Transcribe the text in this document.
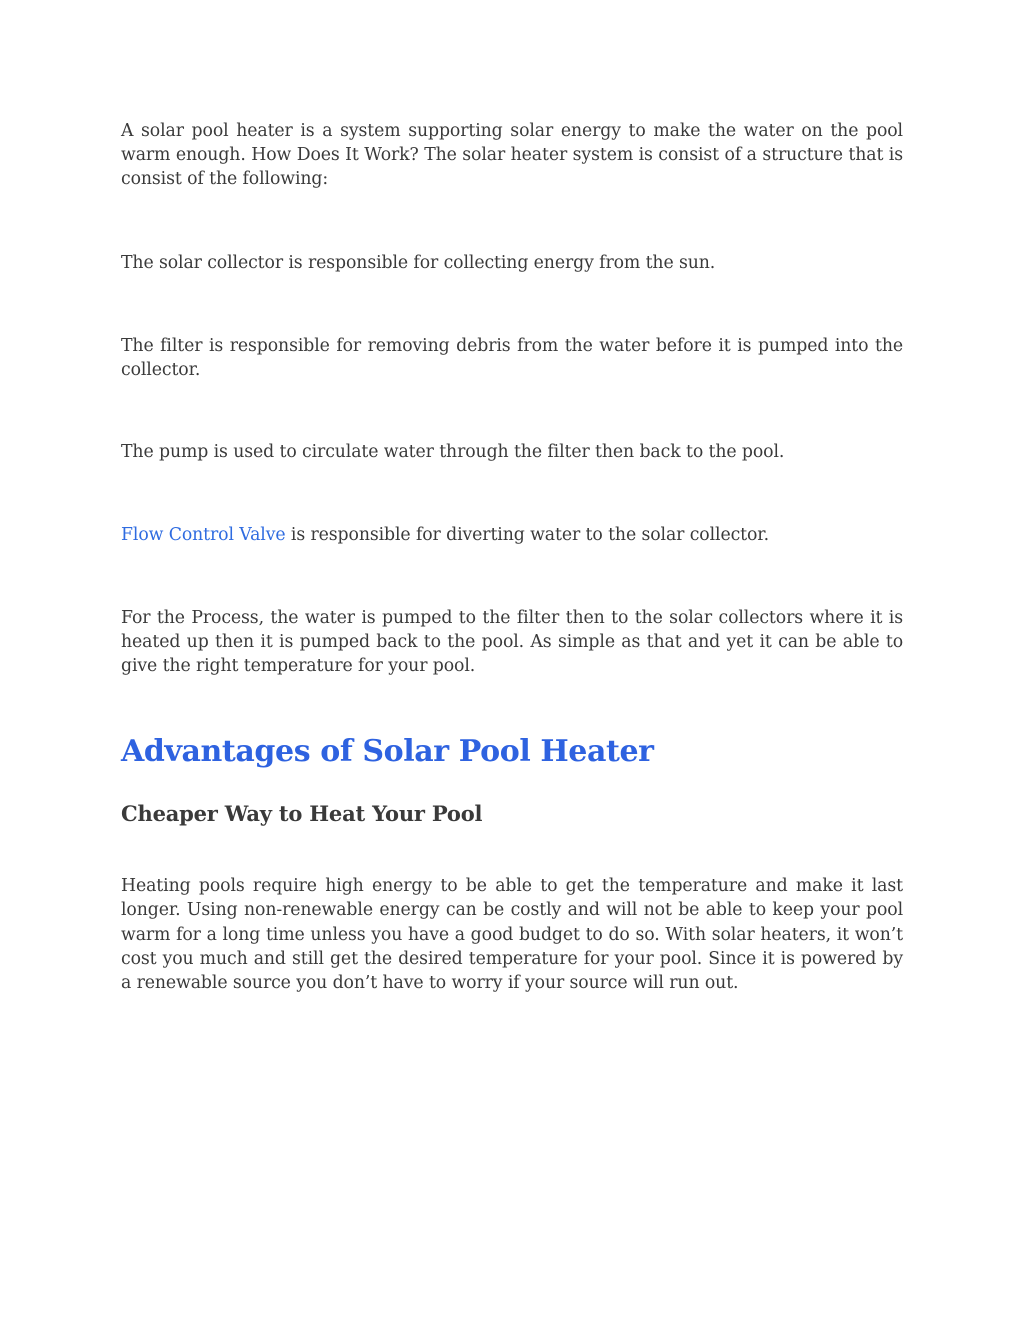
A solar pool heater is a system supporting solar energy to make the water on the pool warm enough. How Does It Work? The solar heater system is consist of a structure that is consist of the following:

The solar collector is responsible for collecting energy from the sun.

The filter is responsible for removing debris from the water before it is pumped into the collector.

The pump is used to circulate water through the filter then back to the pool.

Flow Control Valve is responsible for diverting water to the solar collector.

For the Process, the water is pumped to the filter then to the solar collectors where it is heated up then it is pumped back to the pool. As simple as that and yet it can be able to give the right temperature for your pool.

Advantages of Solar Pool Heater
Cheaper Way to Heat Your Pool

Heating pools require high energy to be able to get the temperature and make it last longer. Using non-renewable energy can be costly and will not be able to keep your pool warm for a long time unless you have a good budget to do so. With solar heaters, it won’t cost you much and still get the desired temperature for your pool. Since it is powered by a renewable source you don’t have to worry if your source will run out.
